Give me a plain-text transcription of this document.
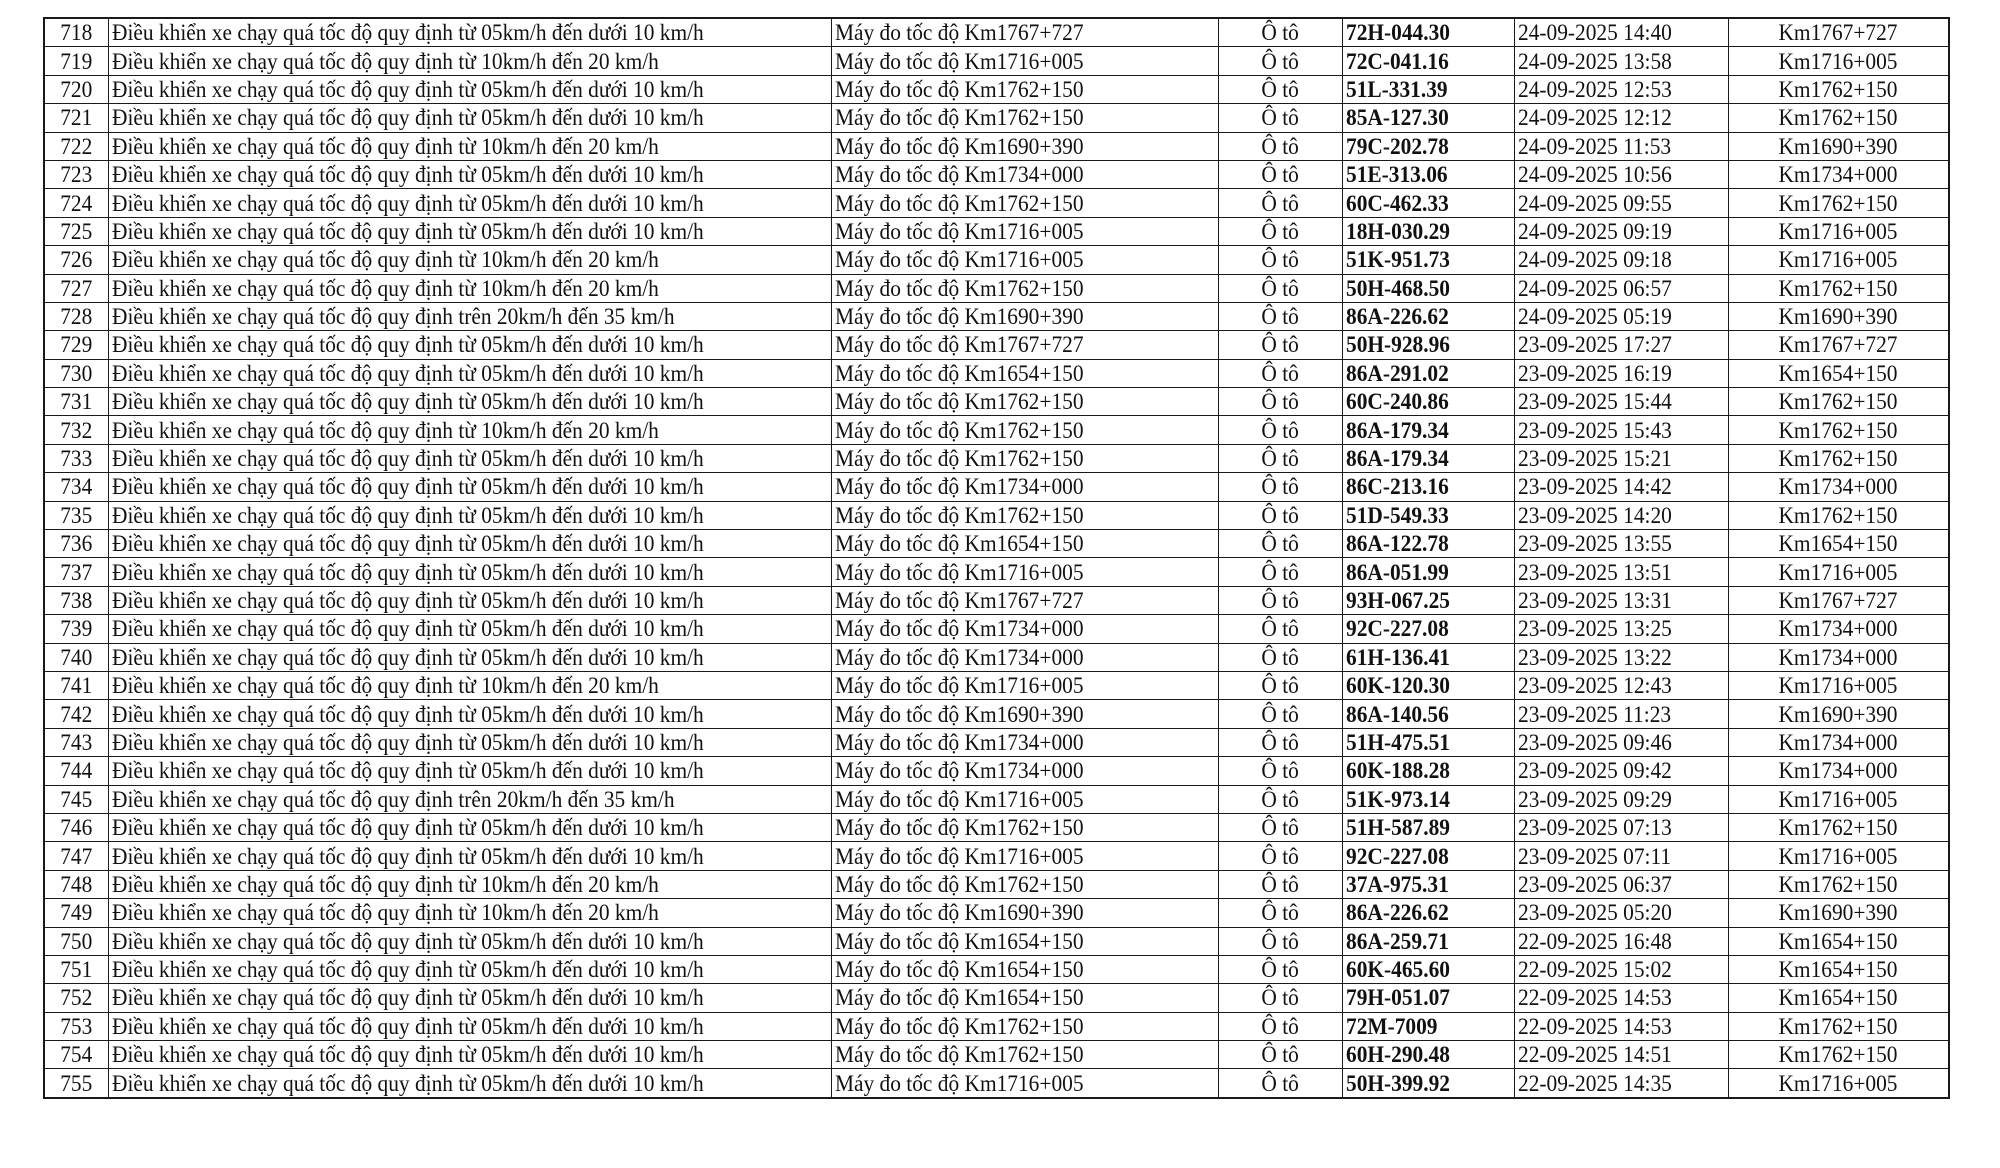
718	Điều khiển xe chạy quá tốc độ quy định từ 05km/h đến dưới 10 km/h	Máy đo tốc độ Km1767+727	Ô tô	72H-044.30	24-09-2025 14:40	Km1767+727
719	Điều khiển xe chạy quá tốc độ quy định từ 10km/h đến 20 km/h	Máy đo tốc độ Km1716+005	Ô tô	72C-041.16	24-09-2025 13:58	Km1716+005
720	Điều khiển xe chạy quá tốc độ quy định từ 05km/h đến dưới 10 km/h	Máy đo tốc độ Km1762+150	Ô tô	51L-331.39	24-09-2025 12:53	Km1762+150
721	Điều khiển xe chạy quá tốc độ quy định từ 05km/h đến dưới 10 km/h	Máy đo tốc độ Km1762+150	Ô tô	85A-127.30	24-09-2025 12:12	Km1762+150
722	Điều khiển xe chạy quá tốc độ quy định từ 10km/h đến 20 km/h	Máy đo tốc độ Km1690+390	Ô tô	79C-202.78	24-09-2025 11:53	Km1690+390
723	Điều khiển xe chạy quá tốc độ quy định từ 05km/h đến dưới 10 km/h	Máy đo tốc độ Km1734+000	Ô tô	51E-313.06	24-09-2025 10:56	Km1734+000
724	Điều khiển xe chạy quá tốc độ quy định từ 05km/h đến dưới 10 km/h	Máy đo tốc độ Km1762+150	Ô tô	60C-462.33	24-09-2025 09:55	Km1762+150
725	Điều khiển xe chạy quá tốc độ quy định từ 05km/h đến dưới 10 km/h	Máy đo tốc độ Km1716+005	Ô tô	18H-030.29	24-09-2025 09:19	Km1716+005
726	Điều khiển xe chạy quá tốc độ quy định từ 10km/h đến 20 km/h	Máy đo tốc độ Km1716+005	Ô tô	51K-951.73	24-09-2025 09:18	Km1716+005
727	Điều khiển xe chạy quá tốc độ quy định từ 10km/h đến 20 km/h	Máy đo tốc độ Km1762+150	Ô tô	50H-468.50	24-09-2025 06:57	Km1762+150
728	Điều khiển xe chạy quá tốc độ quy định trên 20km/h đến 35 km/h	Máy đo tốc độ Km1690+390	Ô tô	86A-226.62	24-09-2025 05:19	Km1690+390
729	Điều khiển xe chạy quá tốc độ quy định từ 05km/h đến dưới 10 km/h	Máy đo tốc độ Km1767+727	Ô tô	50H-928.96	23-09-2025 17:27	Km1767+727
730	Điều khiển xe chạy quá tốc độ quy định từ 05km/h đến dưới 10 km/h	Máy đo tốc độ Km1654+150	Ô tô	86A-291.02	23-09-2025 16:19	Km1654+150
731	Điều khiển xe chạy quá tốc độ quy định từ 05km/h đến dưới 10 km/h	Máy đo tốc độ Km1762+150	Ô tô	60C-240.86	23-09-2025 15:44	Km1762+150
732	Điều khiển xe chạy quá tốc độ quy định từ 10km/h đến 20 km/h	Máy đo tốc độ Km1762+150	Ô tô	86A-179.34	23-09-2025 15:43	Km1762+150
733	Điều khiển xe chạy quá tốc độ quy định từ 05km/h đến dưới 10 km/h	Máy đo tốc độ Km1762+150	Ô tô	86A-179.34	23-09-2025 15:21	Km1762+150
734	Điều khiển xe chạy quá tốc độ quy định từ 05km/h đến dưới 10 km/h	Máy đo tốc độ Km1734+000	Ô tô	86C-213.16	23-09-2025 14:42	Km1734+000
735	Điều khiển xe chạy quá tốc độ quy định từ 05km/h đến dưới 10 km/h	Máy đo tốc độ Km1762+150	Ô tô	51D-549.33	23-09-2025 14:20	Km1762+150
736	Điều khiển xe chạy quá tốc độ quy định từ 05km/h đến dưới 10 km/h	Máy đo tốc độ Km1654+150	Ô tô	86A-122.78	23-09-2025 13:55	Km1654+150
737	Điều khiển xe chạy quá tốc độ quy định từ 05km/h đến dưới 10 km/h	Máy đo tốc độ Km1716+005	Ô tô	86A-051.99	23-09-2025 13:51	Km1716+005
738	Điều khiển xe chạy quá tốc độ quy định từ 05km/h đến dưới 10 km/h	Máy đo tốc độ Km1767+727	Ô tô	93H-067.25	23-09-2025 13:31	Km1767+727
739	Điều khiển xe chạy quá tốc độ quy định từ 05km/h đến dưới 10 km/h	Máy đo tốc độ Km1734+000	Ô tô	92C-227.08	23-09-2025 13:25	Km1734+000
740	Điều khiển xe chạy quá tốc độ quy định từ 05km/h đến dưới 10 km/h	Máy đo tốc độ Km1734+000	Ô tô	61H-136.41	23-09-2025 13:22	Km1734+000
741	Điều khiển xe chạy quá tốc độ quy định từ 10km/h đến 20 km/h	Máy đo tốc độ Km1716+005	Ô tô	60K-120.30	23-09-2025 12:43	Km1716+005
742	Điều khiển xe chạy quá tốc độ quy định từ 05km/h đến dưới 10 km/h	Máy đo tốc độ Km1690+390	Ô tô	86A-140.56	23-09-2025 11:23	Km1690+390
743	Điều khiển xe chạy quá tốc độ quy định từ 05km/h đến dưới 10 km/h	Máy đo tốc độ Km1734+000	Ô tô	51H-475.51	23-09-2025 09:46	Km1734+000
744	Điều khiển xe chạy quá tốc độ quy định từ 05km/h đến dưới 10 km/h	Máy đo tốc độ Km1734+000	Ô tô	60K-188.28	23-09-2025 09:42	Km1734+000
745	Điều khiển xe chạy quá tốc độ quy định trên 20km/h đến 35 km/h	Máy đo tốc độ Km1716+005	Ô tô	51K-973.14	23-09-2025 09:29	Km1716+005
746	Điều khiển xe chạy quá tốc độ quy định từ 05km/h đến dưới 10 km/h	Máy đo tốc độ Km1762+150	Ô tô	51H-587.89	23-09-2025 07:13	Km1762+150
747	Điều khiển xe chạy quá tốc độ quy định từ 05km/h đến dưới 10 km/h	Máy đo tốc độ Km1716+005	Ô tô	92C-227.08	23-09-2025 07:11	Km1716+005
748	Điều khiển xe chạy quá tốc độ quy định từ 10km/h đến 20 km/h	Máy đo tốc độ Km1762+150	Ô tô	37A-975.31	23-09-2025 06:37	Km1762+150
749	Điều khiển xe chạy quá tốc độ quy định từ 10km/h đến 20 km/h	Máy đo tốc độ Km1690+390	Ô tô	86A-226.62	23-09-2025 05:20	Km1690+390
750	Điều khiển xe chạy quá tốc độ quy định từ 05km/h đến dưới 10 km/h	Máy đo tốc độ Km1654+150	Ô tô	86A-259.71	22-09-2025 16:48	Km1654+150
751	Điều khiển xe chạy quá tốc độ quy định từ 05km/h đến dưới 10 km/h	Máy đo tốc độ Km1654+150	Ô tô	60K-465.60	22-09-2025 15:02	Km1654+150
752	Điều khiển xe chạy quá tốc độ quy định từ 05km/h đến dưới 10 km/h	Máy đo tốc độ Km1654+150	Ô tô	79H-051.07	22-09-2025 14:53	Km1654+150
753	Điều khiển xe chạy quá tốc độ quy định từ 05km/h đến dưới 10 km/h	Máy đo tốc độ Km1762+150	Ô tô	72M-7009	22-09-2025 14:53	Km1762+150
754	Điều khiển xe chạy quá tốc độ quy định từ 05km/h đến dưới 10 km/h	Máy đo tốc độ Km1762+150	Ô tô	60H-290.48	22-09-2025 14:51	Km1762+150
755	Điều khiển xe chạy quá tốc độ quy định từ 05km/h đến dưới 10 km/h	Máy đo tốc độ Km1716+005	Ô tô	50H-399.92	22-09-2025 14:35	Km1716+005
